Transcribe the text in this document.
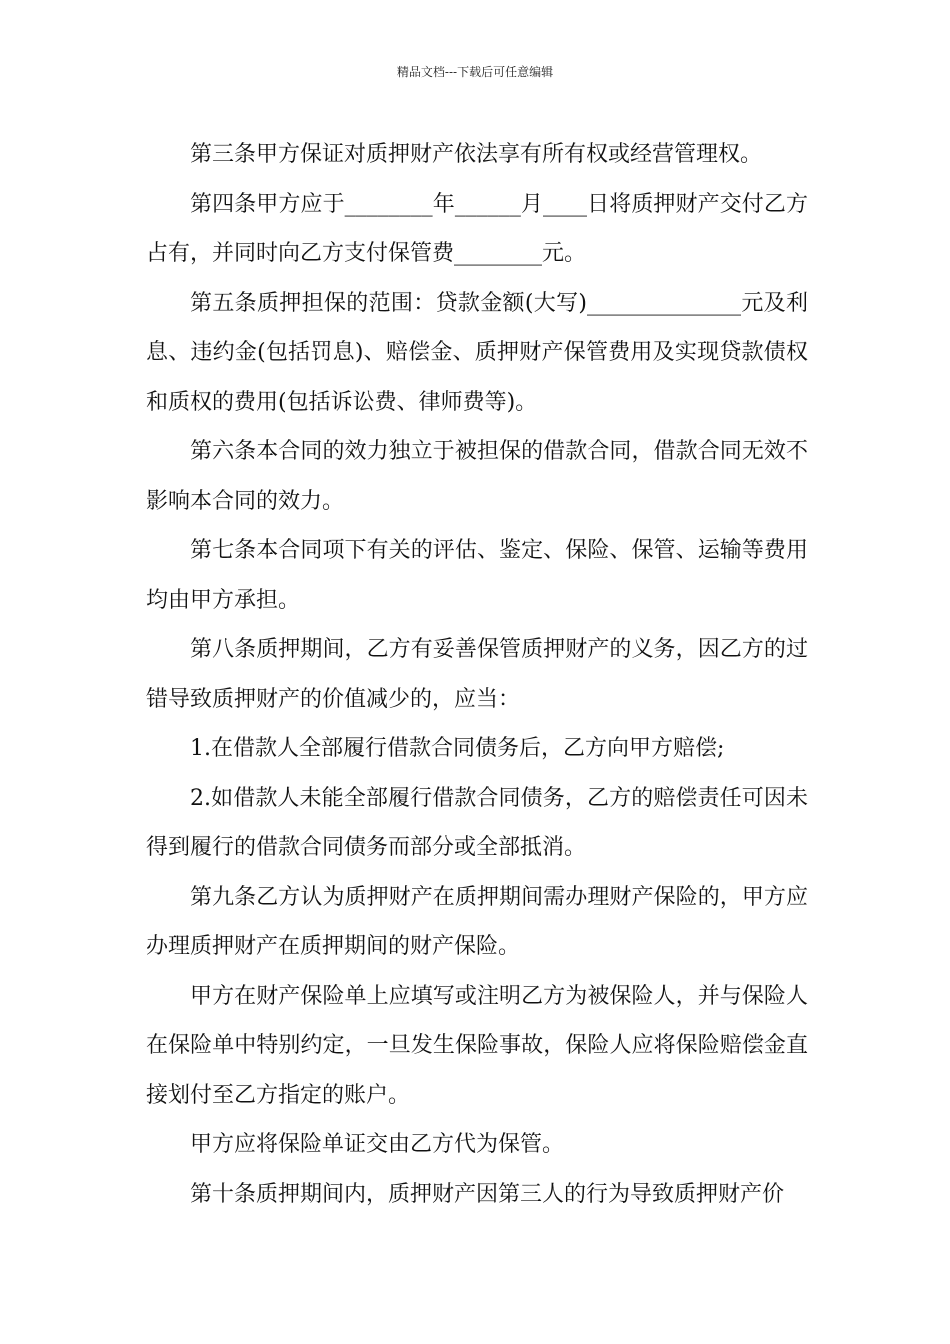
精品文档---下载后可任意编辑

第三条甲方保证对质押财产依法享有所有权或经营管理权。

第四条甲方应于________年______月____日将质押财产交付乙方占有，并同时向乙方支付保管费________元。

第五条质押担保的范围：贷款金额(大写)______________元及利息、违约金(包括罚息)、赔偿金、质押财产保管费用及实现贷款债权和质权的费用(包括诉讼费、律师费等)。

第六条本合同的效力独立于被担保的借款合同，借款合同无效不影响本合同的效力。

第七条本合同项下有关的评估、鉴定、保险、保管、运输等费用均由甲方承担。

第八条质押期间，乙方有妥善保管质押财产的义务，因乙方的过错导致质押财产的价值减少的，应当：

1.在借款人全部履行借款合同债务后，乙方向甲方赔偿;

2.如借款人未能全部履行借款合同债务，乙方的赔偿责任可因未得到履行的借款合同债务而部分或全部抵消。

第九条乙方认为质押财产在质押期间需办理财产保险的，甲方应办理质押财产在质押期间的财产保险。

甲方在财产保险单上应填写或注明乙方为被保险人，并与保险人在保险单中特别约定，一旦发生保险事故，保险人应将保险赔偿金直接划付至乙方指定的账户。

甲方应将保险单证交由乙方代为保管。

第十条质押期间内，质押财产因第三人的行为导致质押财产价
